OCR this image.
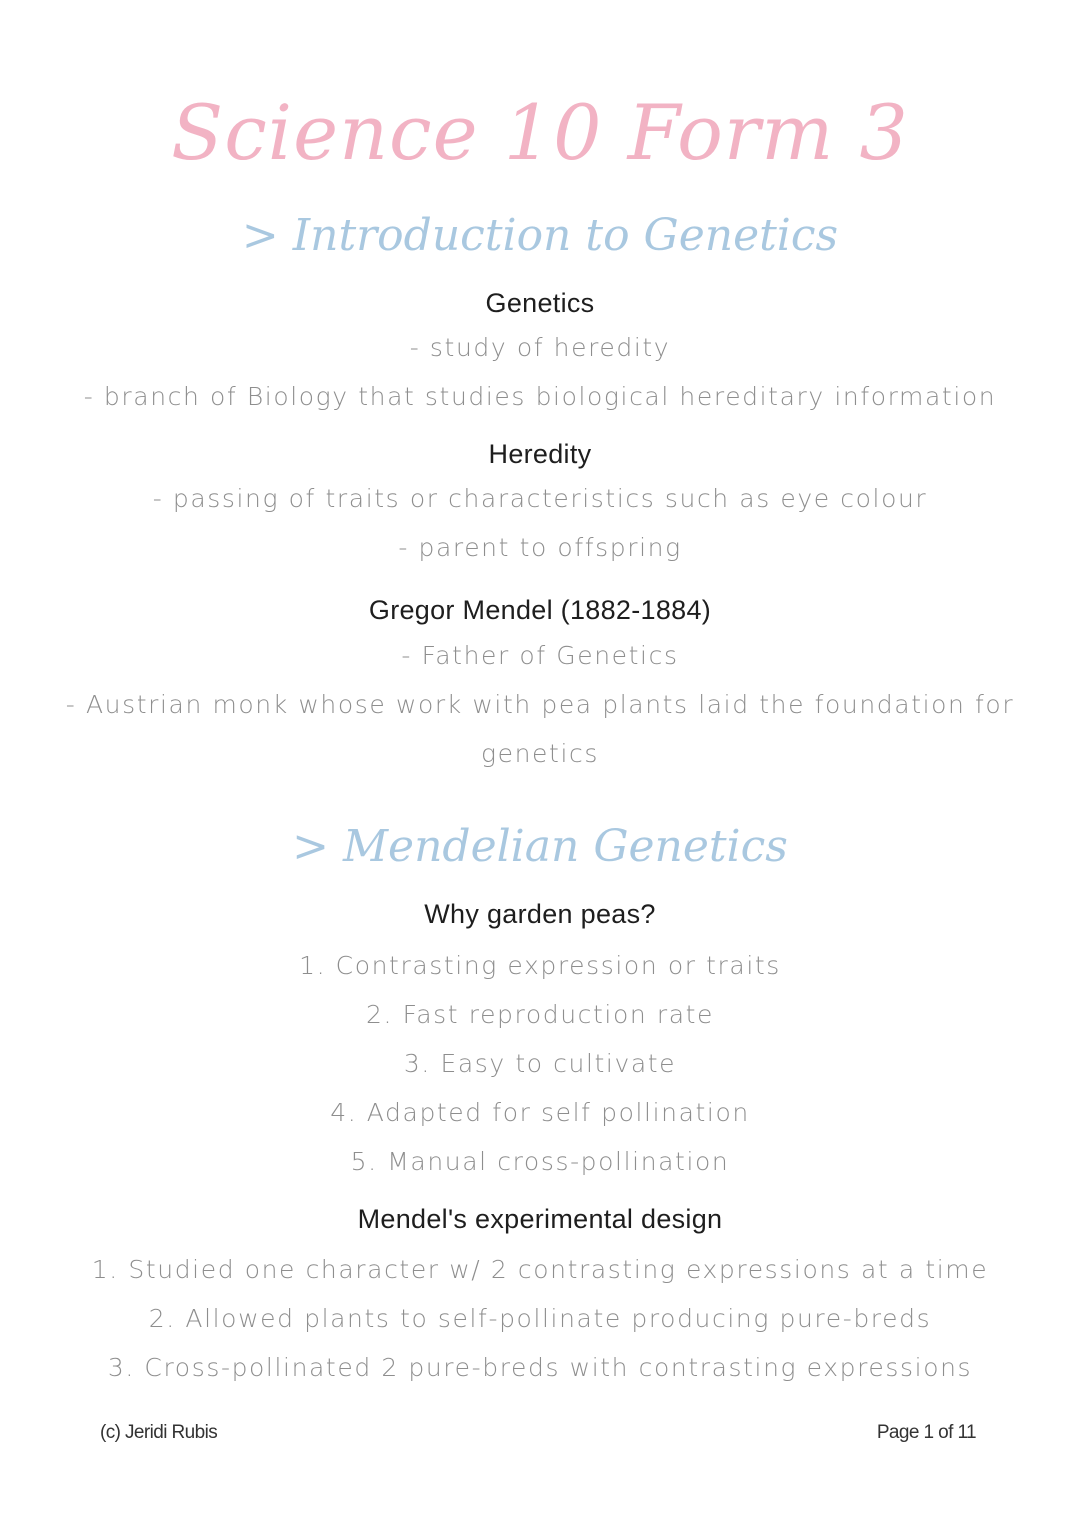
Science 10 Form 3
> Introduction to Genetics
Genetics
- study of heredity
- branch of Biology that studies biological hereditary information
Heredity
- passing of traits or characteristics such as eye colour
- parent to offspring
Gregor Mendel (1882-1884)
- Father of Genetics
- Austrian monk whose work with pea plants laid the foundation for
genetics
> Mendelian Genetics
Why garden peas?
1. Contrasting expression or traits
2. Fast reproduction rate
3. Easy to cultivate
4. Adapted for self pollination
5. Manual cross-pollination
Mendel's experimental design
1. Studied one character w/ 2 contrasting expressions at a time
2. Allowed plants to self-pollinate producing pure-breds
3. Cross-pollinated 2 pure-breds with contrasting expressions
(c) Jeridi Rubis	Page 1 of 11
